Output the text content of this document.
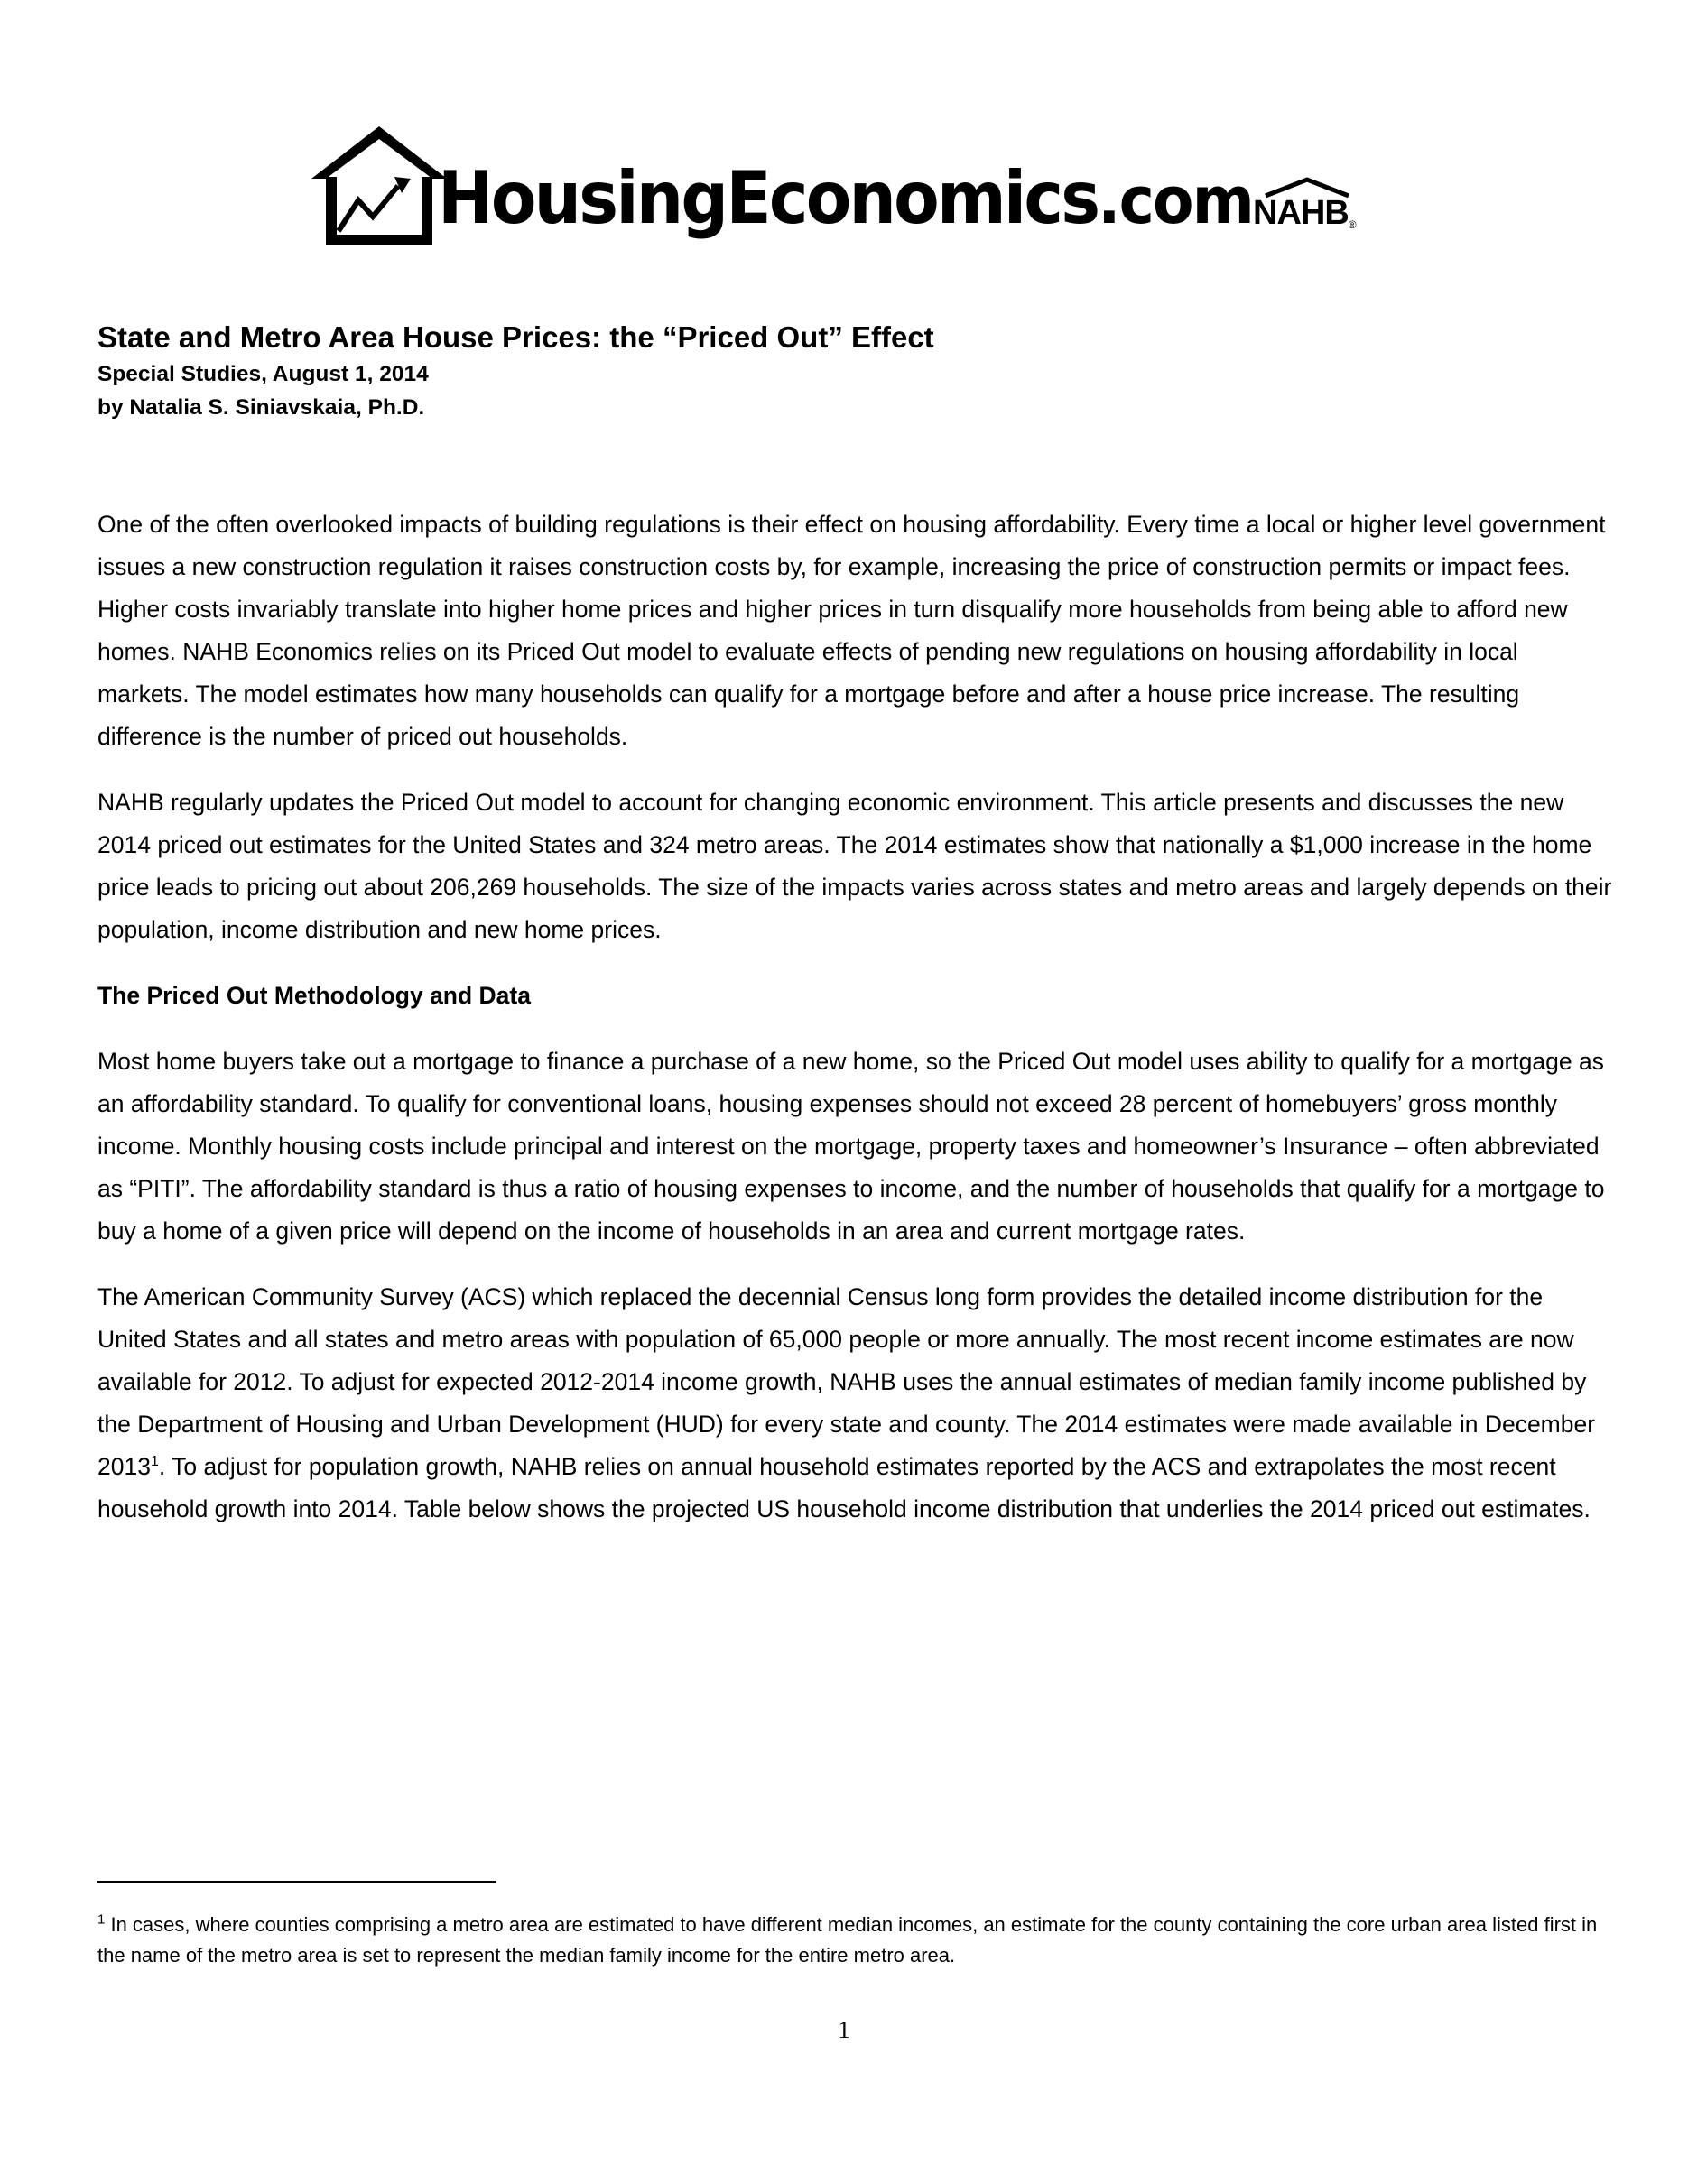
HousingEconomics.com NAHB®
State and Metro Area House Prices: the “Priced Out” Effect

Special Studies, August 1, 2014

by Natalia S. Siniavskaia, Ph.D.

One of the often overlooked impacts of building regulations is their effect on housing affordability. Every time a local or higher level government issues a new construction regulation it raises construction costs by, for example, increasing the price of construction permits or impact fees. Higher costs invariably translate into higher home prices and higher prices in turn disqualify more households from being able to afford new homes. NAHB Economics relies on its Priced Out model to evaluate effects of pending new regulations on housing affordability in local markets. The model estimates how many households can qualify for a mortgage before and after a house price increase. The resulting difference is the number of priced out households.

NAHB regularly updates the Priced Out model to account for changing economic environment. This article presents and discusses the new 2014 priced out estimates for the United States and 324 metro areas. The 2014 estimates show that nationally a $1,000 increase in the home price leads to pricing out about 206,269 households. The size of the impacts varies across states and metro areas and largely depends on their population, income distribution and new home prices.

The Priced Out Methodology and Data

Most home buyers take out a mortgage to finance a purchase of a new home, so the Priced Out model uses ability to qualify for a mortgage as an affordability standard. To qualify for conventional loans, housing expenses should not exceed 28 percent of homebuyers’ gross monthly income. Monthly housing costs include principal and interest on the mortgage, property taxes and homeowner’s Insurance – often abbreviated as “PITI”. The affordability standard is thus a ratio of housing expenses to income, and the number of households that qualify for a mortgage to buy a home of a given price will depend on the income of households in an area and current mortgage rates.

The American Community Survey (ACS) which replaced the decennial Census long form provides the detailed income distribution for the United States and all states and metro areas with population of 65,000 people or more annually. The most recent income estimates are now available for 2012. To adjust for expected 2012-2014 income growth, NAHB uses the annual estimates of median family income published by the Department of Housing and Urban Development (HUD) for every state and county. The 2014 estimates were made available in December 2013$^1$. To adjust for population growth, NAHB relies on annual household estimates reported by the ACS and extrapolates the most recent household growth into 2014. Table below shows the projected US household income distribution that underlies the 2014 priced out estimates.

$^1$ In cases, where counties comprising a metro area are estimated to have different median incomes, an estimate for the county containing the core urban area listed first in the name of the metro area is set to represent the median family income for the entire metro area.

1
